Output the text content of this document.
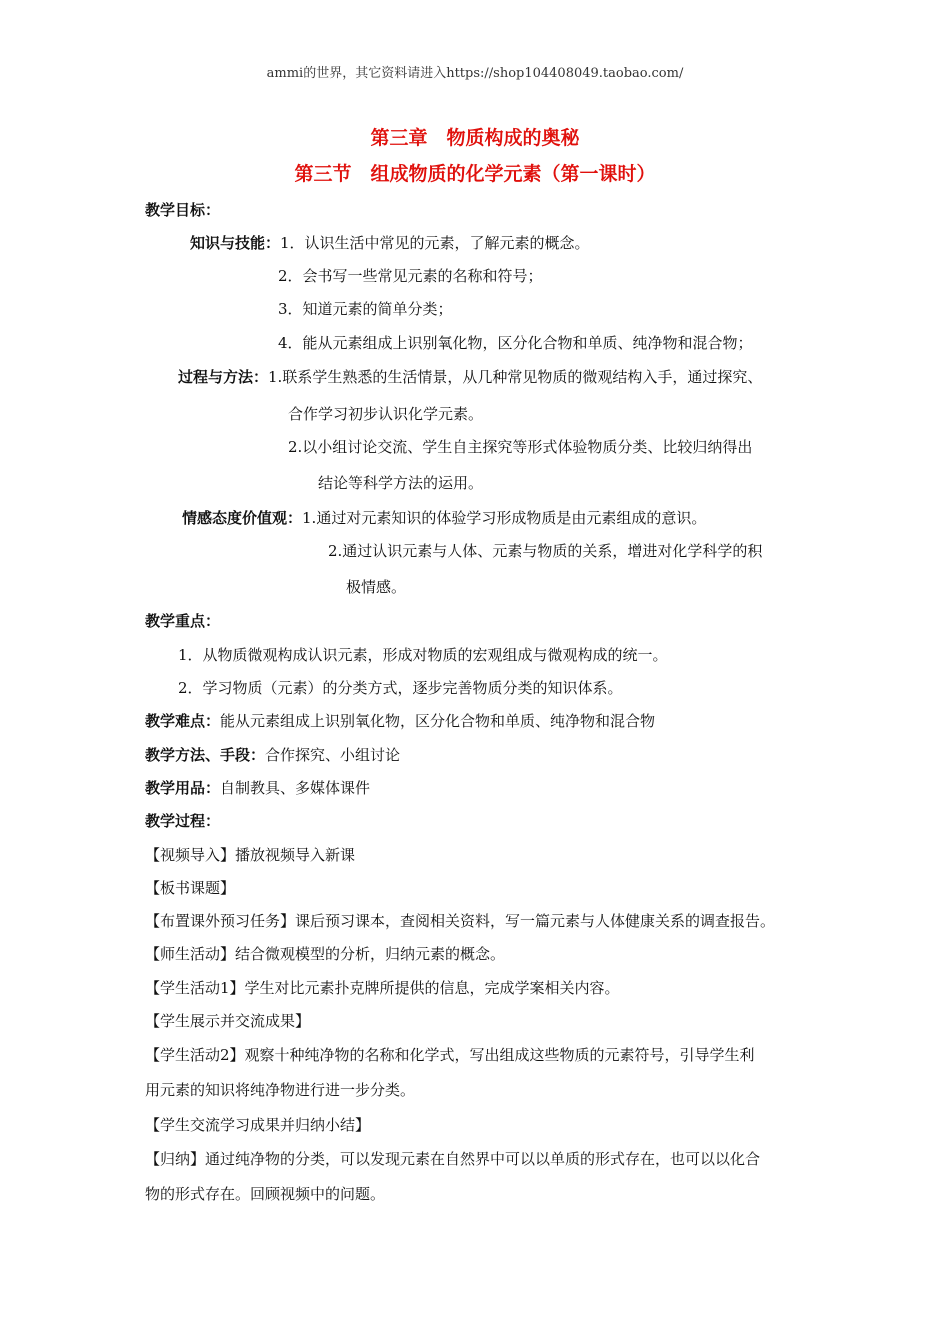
ammi的世界，其它资料请进入https://shop104408049.taobao.com/
第三章　物质构成的奥秘
第三节　组成物质的化学元素（第一课时）
教学目标：
知识与技能：1．认识生活中常见的元素，了解元素的概念。
2．会书写一些常见元素的名称和符号；
3．知道元素的简单分类；
4．能从元素组成上识别氧化物，区分化合物和单质、纯净物和混合物；
过程与方法：1.联系学生熟悉的生活情景，从几种常见物质的微观结构入手，通过探究、
合作学习初步认识化学元素。
2.以小组讨论交流、学生自主探究等形式体验物质分类、比较归纳得出
结论等科学方法的运用。
情感态度价值观：1.通过对元素知识的体验学习形成物质是由元素组成的意识。
2.通过认识元素与人体、元素与物质的关系，增进对化学科学的积
极情感。
教学重点：
1．从物质微观构成认识元素，形成对物质的宏观组成与微观构成的统一。
2．学习物质（元素）的分类方式，逐步完善物质分类的知识体系。
教学难点：能从元素组成上识别氧化物，区分化合物和单质、纯净物和混合物
教学方法、手段：合作探究、小组讨论
教学用品：自制教具、多媒体课件
教学过程：
【视频导入】播放视频导入新课
【板书课题】
【布置课外预习任务】课后预习课本，查阅相关资料，写一篇元素与人体健康关系的调查报告。
【师生活动】结合微观模型的分析，归纳元素的概念。
【学生活动1】学生对比元素扑克牌所提供的信息，完成学案相关内容。
【学生展示并交流成果】
【学生活动2】观察十种纯净物的名称和化学式，写出组成这些物质的元素符号，引导学生利
用元素的知识将纯净物进行进一步分类。
【学生交流学习成果并归纳小结】
【归纳】通过纯净物的分类，可以发现元素在自然界中可以以单质的形式存在，也可以以化合
物的形式存在。回顾视频中的问题。
